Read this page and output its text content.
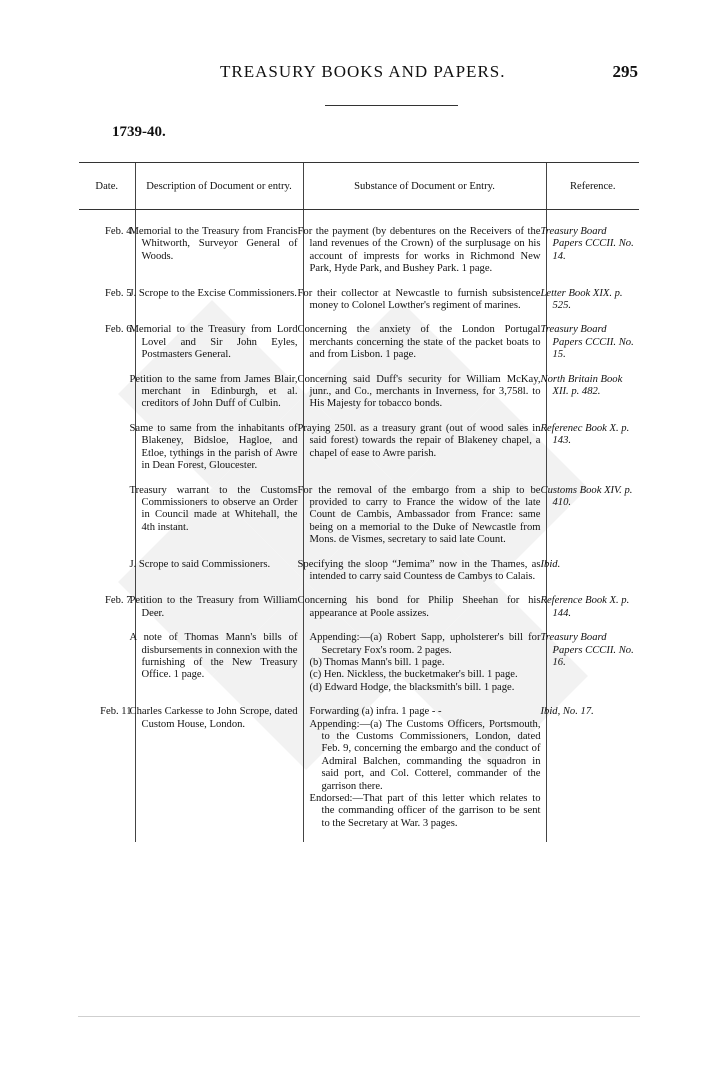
TREASURY BOOKS AND PAPERS.	295
1739-40.
Date.	Description of Document or entry.	Substance of Document or Entry.	Reference.
Feb. 4	Memorial to the Treasury from Francis Whitworth, Surveyor General of Woods.	For the payment (by debentures on the Receivers of the land revenues of the Crown) of the surplusage on his account of imprests for works in Richmond New Park, Hyde Park, and Bushey Park. 1 page.	Treasury Board Papers CCCII. No. 14.
Feb. 5	J. Scrope to the Excise Commissioners.	For their collector at Newcastle to furnish subsistence money to Colonel Lowther's regiment of marines.	Letter Book XIX. p. 525.
Feb. 6	Memorial to the Treasury from Lord Lovel and Sir John Eyles, Postmasters General.	Concerning the anxiety of the London Portugal merchants concerning the state of the packet boats to and from Lisbon. 1 page.	Treasury Board Papers CCCII. No. 15.
	Petition to the same from James Blair, merchant in Edinburgh, et al. creditors of John Duff of Culbin.	Concerning said Duff's security for William McKay, junr., and Co., merchants in Inverness, for 3,758l. to His Majesty for tobacco bonds.	North Britain Book XII. p. 482.
	Same to same from the inhabitants of Blakeney, Bidsloe, Hagloe, and Etloe, tythings in the parish of Awre in Dean Forest, Gloucester.	Praying 250l. as a treasury grant (out of wood sales in said forest) towards the repair of Blakeney chapel, a chapel of ease to Awre parish.	Referenec Book X. p. 143.
	Treasury warrant to the Customs Commissioners to observe an Order in Council made at Whitehall, the 4th instant.	For the removal of the embargo from a ship to be provided to carry to France the widow of the late Count de Cambis, Ambassador from France: same being on a memorial to the Duke of Newcastle from Mons. de Vismes, secretary to said late Count.	Customs Book XIV. p. 410.
	J. Scrope to said Commissioners.	Specifying the sloop “Jemima” now in the Thames, as intended to carry said Countess de Cambys to Calais.	Ibid.
Feb. 7	Petition to the Treasury from William Deer.	Concerning his bond for Philip Sheehan for his appearance at Poole assizes.	Reference Book X. p. 144.
	A note of Thomas Mann's bills of disbursements in connexion with the furnishing of the New Treasury Office. 1 page.	Appending:—(a) Robert Sapp, upholsterer's bill for Secretary Fox's room. 2 pages.
(b) Thomas Mann's bill. 1 page.
(c) Hen. Nickless, the bucketmaker's bill. 1 page.
(d) Edward Hodge, the blacksmith's bill. 1 page.	Treasury Board Papers CCCII. No. 16.
Feb. 11	Charles Carkesse to John Scrope, dated Custom House, London.	Forwarding (a) infra. 1 page - -
Appending:—(a) The Customs Officers, Portsmouth, to the Customs Commissioners, London, dated Feb. 9, concerning the embargo and the conduct of Admiral Balchen, commanding the squadron in said port, and Col. Cotterel, commander of the garrison there.
Endorsed:—That part of this letter which relates to the commanding officer of the garrison to be sent to the Secretary at War. 3 pages.	Ibid, No. 17.
